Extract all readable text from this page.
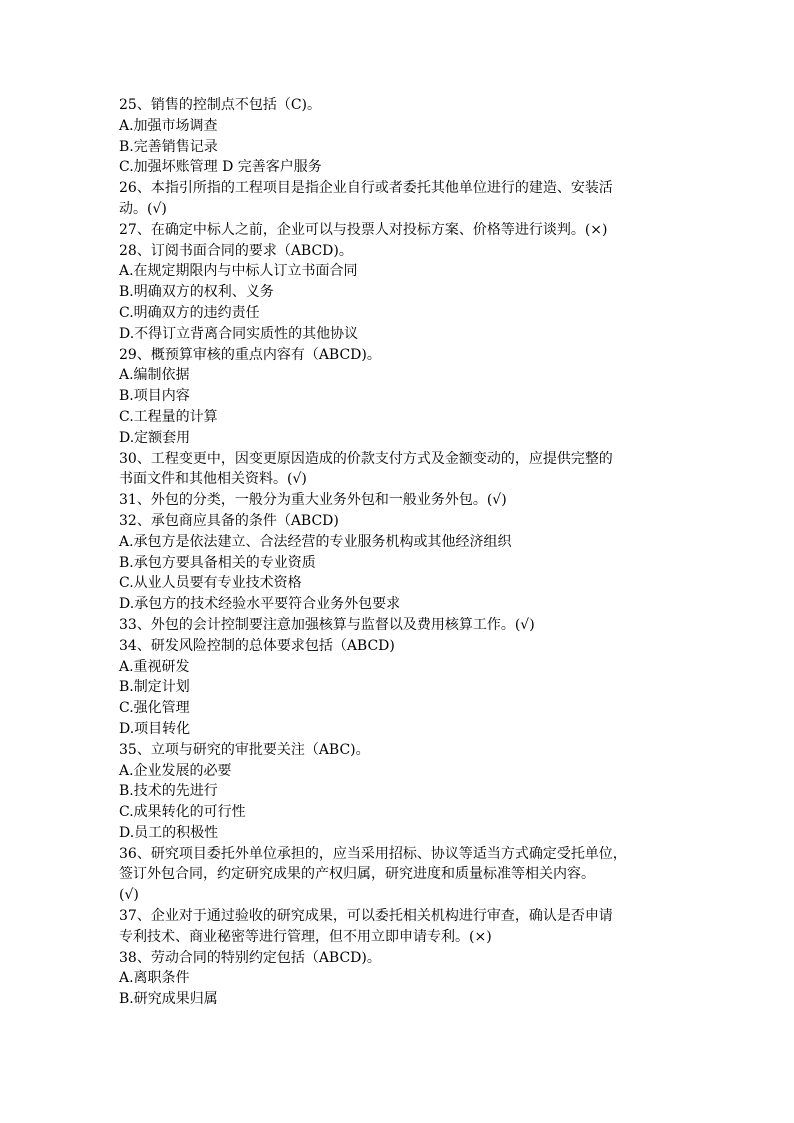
25、销售的控制点不包括（C)。
A.加强市场调查
B.完善销售记录
C.加强坏账管理 D 完善客户服务
26、本指引所指的工程项目是指企业自行或者委托其他单位进行的建造、安装活
动。(√)
27、在确定中标人之前，企业可以与投票人对投标方案、价格等进行谈判。(×)
28、订阅书面合同的要求（ABCD)。
A.在规定期限内与中标人订立书面合同
B.明确双方的权利、义务
C.明确双方的违约责任
D.不得订立背离合同实质性的其他协议
29、概预算审核的重点内容有（ABCD)。
A.编制依据
B.项目内容
C.工程量的计算
D.定额套用
30、工程变更中，因变更原因造成的价款支付方式及金额变动的，应提供完整的
书面文件和其他相关资料。(√)
31、外包的分类，一般分为重大业务外包和一般业务外包。(√)
32、承包商应具备的条件（ABCD)
A.承包方是依法建立、合法经营的专业服务机构或其他经济组织
B.承包方要具备相关的专业资质
C.从业人员要有专业技术资格
D.承包方的技术经验水平要符合业务外包要求
33、外包的会计控制要注意加强核算与监督以及费用核算工作。(√)
34、研发风险控制的总体要求包括（ABCD)
A.重视研发
B.制定计划
C.强化管理
D.项目转化
35、立项与研究的审批要关注（ABC)。
A.企业发展的必要
B.技术的先进行
C.成果转化的可行性
D.员工的积极性
36、研究项目委托外单位承担的，应当采用招标、协议等适当方式确定受托单位，
签订外包合同，约定研究成果的产权归属，研究进度和质量标准等相关内容。
(√)
37、企业对于通过验收的研究成果，可以委托相关机构进行审查，确认是否申请
专利技术、商业秘密等进行管理，但不用立即申请专利。(×)
38、劳动合同的特别约定包括（ABCD)。
A.离职条件
B.研究成果归属
